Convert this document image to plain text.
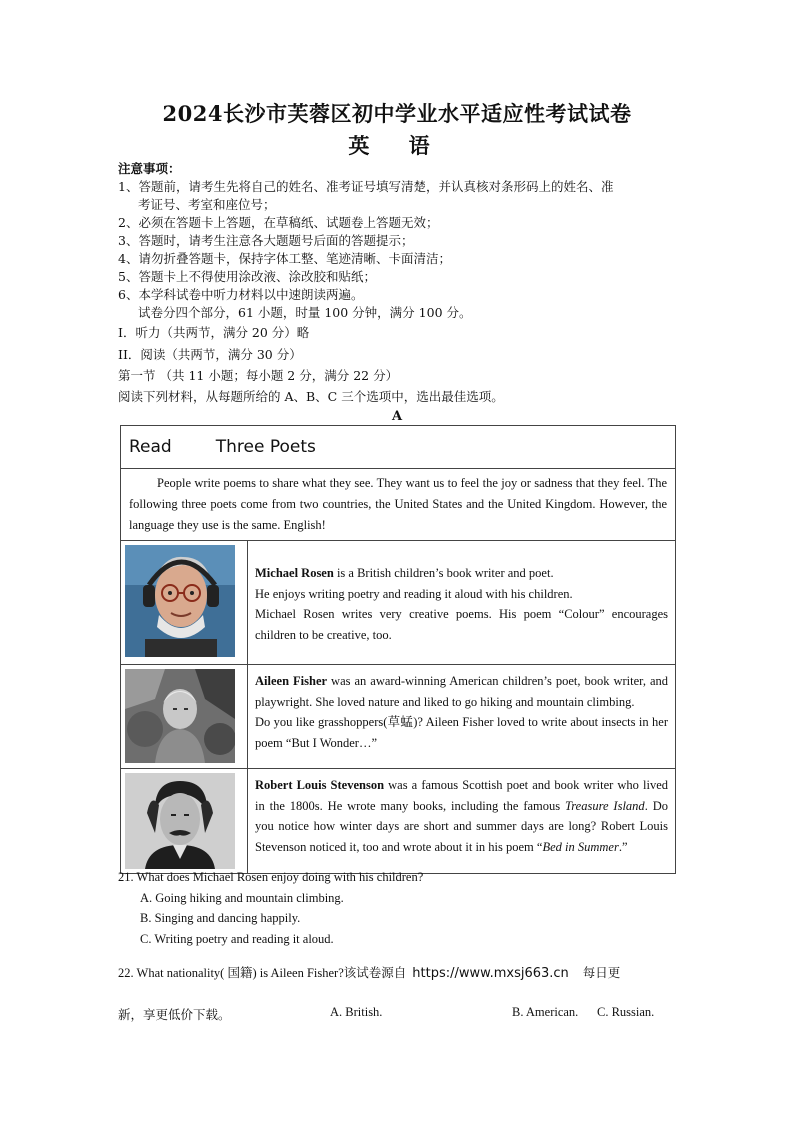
2024长沙市芙蓉区初中学业水平适应性考试试卷
英 语
注意事项：
1、答题前，请考生先将自己的姓名、准考证号填写清楚，并认真核对条形码上的姓名、准
考证号、考室和座位号；
2、必须在答题卡上答题，在草稿纸、试题卷上答题无效；
3、答题时，请考生注意各大题题号后面的答题提示；
4、请勿折叠答题卡，保持字体工整、笔迹清晰、卡面清洁；
5、答题卡上不得使用涂改液、涂改胶和贴纸；
6、本学科试卷中听力材料以中速朗读两遍。
试卷分四个部分，61 小题，时量 100 分钟，满分 100 分。
I．听力（共两节，满分 20 分）略
II．阅读（共两节，满分 30 分）
第一节 （共 11 小题；每小题 2 分，满分 22 分）
阅读下列材料，从每题所给的 A、B、C 三个选项中，选出最佳选项。
A
Read Three Poets	
People write poems to share what they see. They want us to feel the joy or sadness that they feel. The following three poets come from two countries, the United States and the United Kingdom. However, the language they use is the same. English!	

Michael Rosen is a British children’s book writer and poet.
He enjoys writing poetry and reading it aloud with his children.
Michael Rosen writes very creative poems. His poem “Colour” encourages children to be creative, too.

Aileen Fisher was an award-winning American children’s poet, book writer, and playwright. She loved nature and liked to go hiking and mountain climbing.
Do you like grasshoppers(草蜢)? Aileen Fisher loved to write about insects in her poem “But I Wonder…”

Robert Louis Stevenson was a famous Scottish poet and book writer who lived in the 1800s. He wrote many books, including the famous Treasure Island. Do you notice how winter days are short and summer days are long? Robert Louis Stevenson noticed it, too and wrote about it in his poem “Bed in Summer.”
21. What does Michael Rosen enjoy doing with his children?
A. Going hiking and mountain climbing.
B. Singing and dancing happily.
C. Writing poetry and reading it aloud.
22. What nationality( 国籍) is Aileen Fisher?该试卷源自 https://www.mxsj663.cn 每日更
新，享更低价下载。	A. British.	B. American. C. Russian.
